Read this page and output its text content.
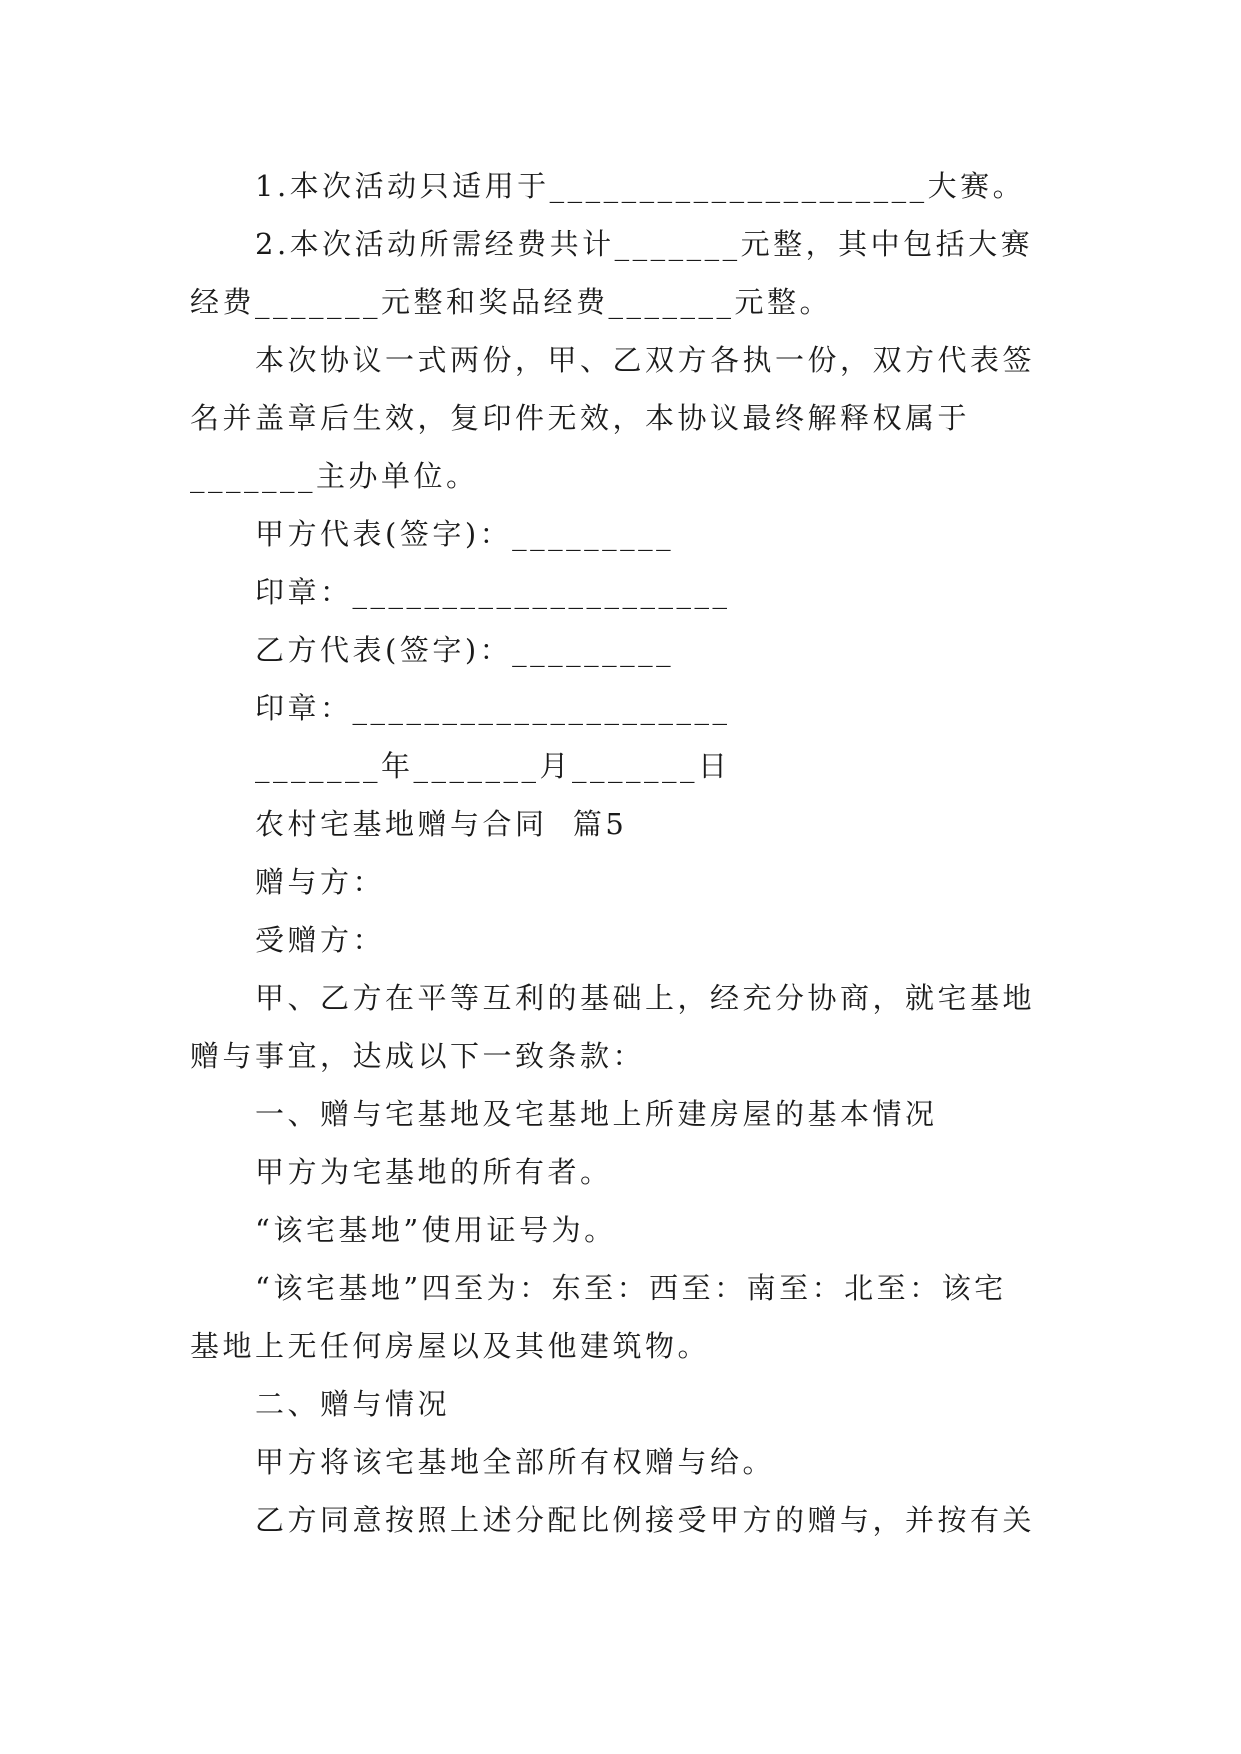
1.本次活动只适用于_____________________大赛。
2.本次活动所需经费共计_______元整，其中包括大赛
经费_______元整和奖品经费_______元整。
本次协议一式两份，甲、乙双方各执一份，双方代表签
名并盖章后生效，复印件无效，本协议最终解释权属于
_______主办单位。
甲方代表(签字)：_________
印章：_____________________
乙方代表(签字)：_________
印章：_____________________
_______年_______月_______日
农村宅基地赠与合同  篇5
赠与方：
受赠方：
甲、乙方在平等互利的基础上，经充分协商，就宅基地
赠与事宜，达成以下一致条款：
一、赠与宅基地及宅基地上所建房屋的基本情况
甲方为宅基地的所有者。
“该宅基地”使用证号为。
“该宅基地”四至为：东至：西至：南至：北至：该宅
基地上无任何房屋以及其他建筑物。
二、赠与情况
甲方将该宅基地全部所有权赠与给。
乙方同意按照上述分配比例接受甲方的赠与，并按有关
